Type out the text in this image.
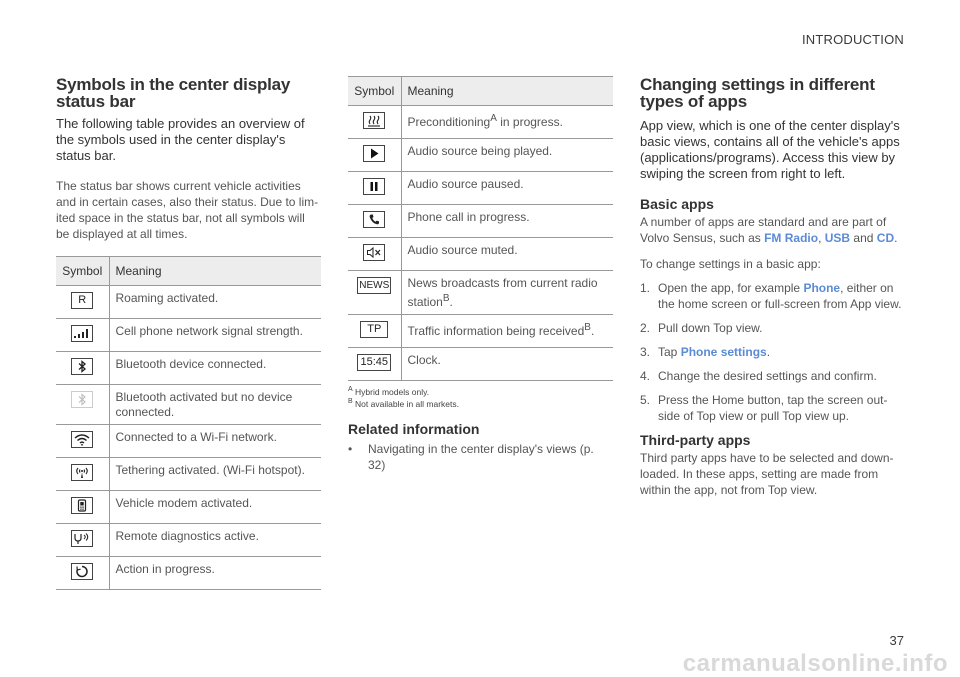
INTRODUCTION
Symbols in the center display status bar

The following table provides an overview of the symbols used in the center display's status bar.

The status bar shows current vehicle activities and in certain cases, also their status. Due to lim-ited space in the status bar, not all symbols will be displayed at all times.

Symbol	Meaning
R	Roaming activated.

	Cell phone network signal strength.

	Bluetooth device connected.

	Bluetooth activated but no device connected.

	Connected to a Wi-Fi network.

	Tethering activated. (Wi-Fi hotspot).

	Vehicle modem activated.

	Remote diagnostics active.

	Action in progress.
Symbol	Meaning

	Preconditioning$^A$ in progress.

	Audio source being played.

	Audio source paused.

	Phone call in progress.

	Audio source muted.
NEWS	News broadcasts from current radio station$^B$.
TP	Traffic information being received$^B$.
15:45	Clock.
$^A$ Hybrid models only.
$^B$ Not available in all markets.
Related information
•	Navigating in the center display's views (p. 32)
Changing settings in different types of apps

App view, which is one of the center display's basic views, contains all of the vehicle's apps (applications/programs). Access this view by swiping the screen from right to left.

Basic apps

A number of apps are standard and are part of Volvo Sensus, such as FM Radio, USB and CD.

To change settings in a basic app:

1. Open the app, for example Phone, either on the home screen or full-screen from App view.
2. Pull down Top view.
3. Tap Phone settings.
4. Change the desired settings and confirm.
5. Press the Home button, tap the screen out-side of Top view or pull Top view up.
Third-party apps

Third party apps have to be selected and down-loaded. In these apps, setting are made from within the app, not from Top view.

37
carmanualsonline.info
